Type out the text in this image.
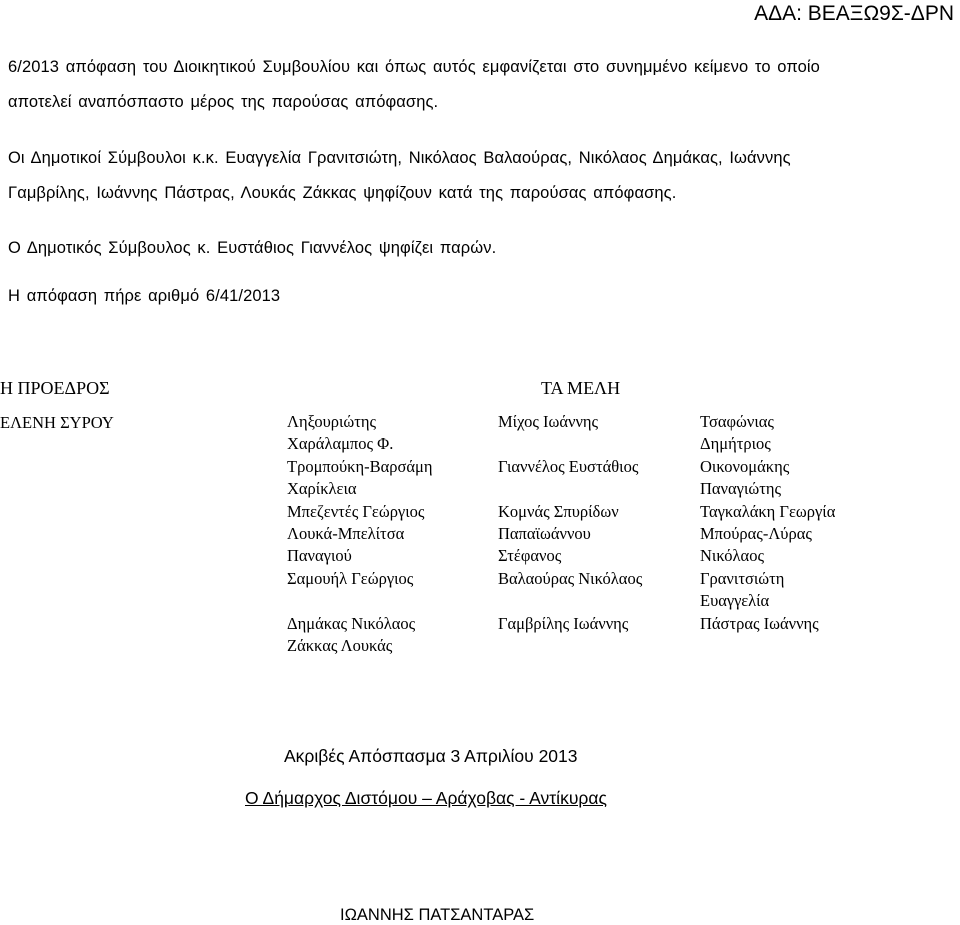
ΑΔΑ: ΒΕΑΞΩ9Σ-ΔΡΝ
6/2013 απόφαση του Διοικητικού Συμβουλίου και όπως αυτός εμφανίζεται στο συνημμένο κείμενο το οποίο
αποτελεί αναπόσπαστο μέρος της παρούσας απόφασης.
Οι Δημοτικοί Σύμβουλοι κ.κ. Ευαγγελία Γρανιτσιώτη, Νικόλαος Βαλαούρας, Νικόλαος Δημάκας, Ιωάννης
Γαμβρίλης, Ιωάννης Πάστρας, Λουκάς Ζάκκας ψηφίζουν κατά της παρούσας απόφασης.
Ο Δημοτικός Σύμβουλος κ. Ευστάθιος Γιαννέλος ψηφίζει παρών.
Η απόφαση πήρε αριθμό 6/41/2013
Η ΠΡΟΕΔΡΟΣ	ΤΑ ΜΕΛΗ
ΕΛΕΝΗ ΣΥΡΟΥ	Ληξουριώτης
Χαράλαμπος Φ.
Τρομπούκη-Βαρσάμη
Χαρίκλεια
Μπεζεντές Γεώργιος
Λουκά-Μπελίτσα
Παναγιού
Σαμουήλ Γεώργιος
Δημάκας Νικόλαος
Ζάκκας Λουκάς
Μίχος Ιωάννης
Γιαννέλος Ευστάθιος
Κομνάς Σπυρίδων
Παπαϊωάννου
Στέφανος
Βαλαούρας Νικόλαος
Γαμβρίλης Ιωάννης
Τσαφώνιας
Δημήτριος
Οικονομάκης
Παναγιώτης
Ταγκαλάκη Γεωργία
Μπούρας-Λύρας
Νικόλαος
Γρανιτσιώτη
Ευαγγελία
Πάστρας Ιωάννης
Ακριβές Απόσπασμα 3 Απριλίου 2013
Ο Δήμαρχος Διστόμου – Αράχοβας - Αντίκυρας
ΙΩΑΝΝΗΣ ΠΑΤΣΑΝΤΑΡΑΣ
